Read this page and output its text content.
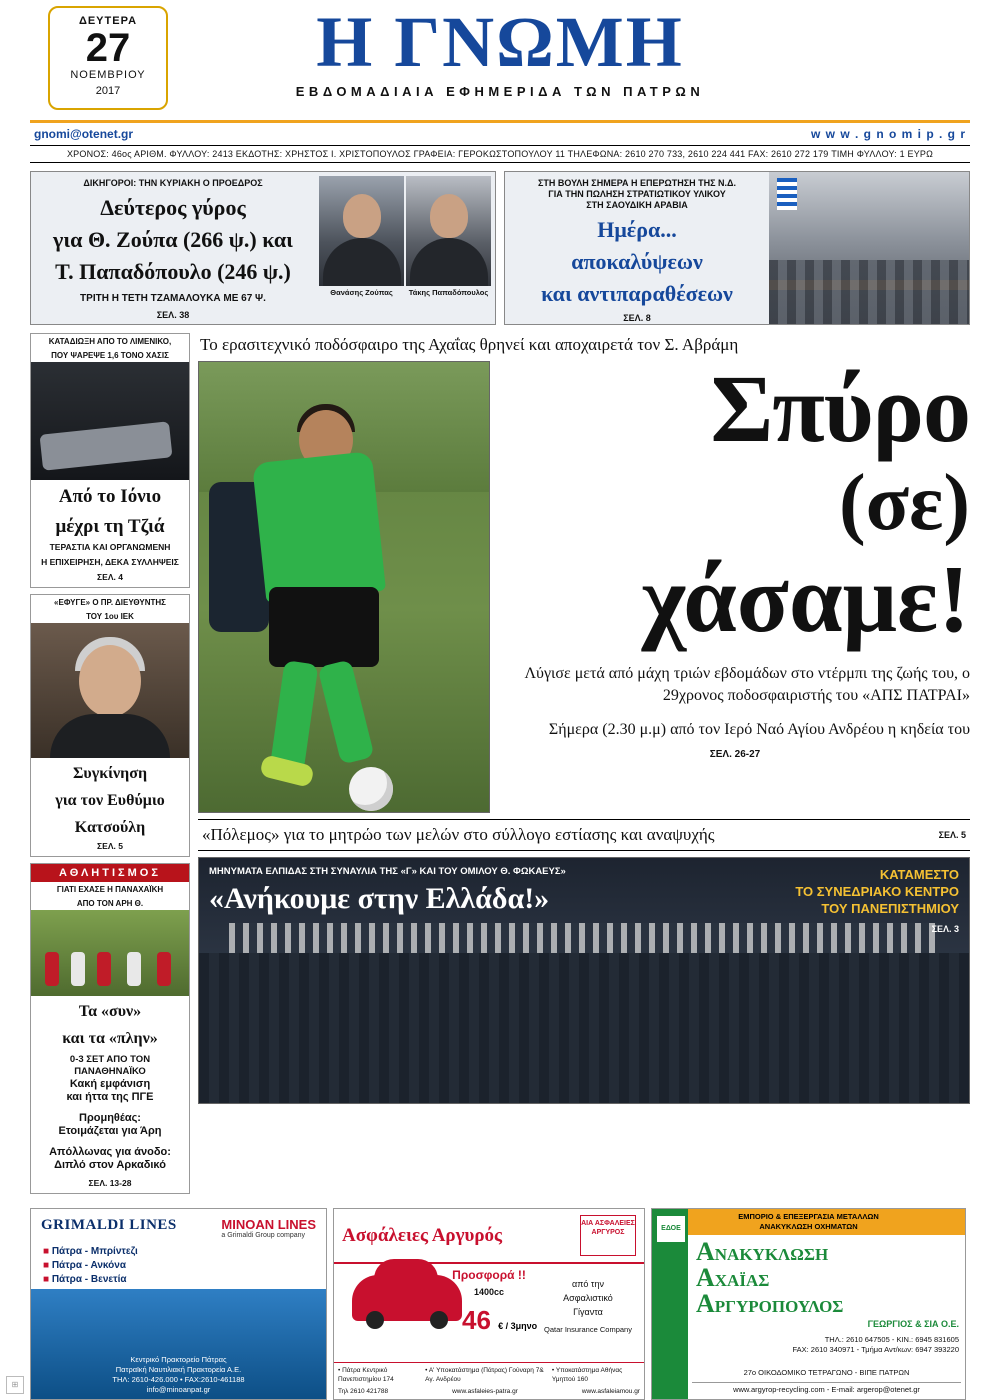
ΔΕΥΤΕΡΑ
27
ΝΟΕΜΒΡΙΟΥ
2017
Η ΓΝΩΜΗ
ΕΒΔΟΜΑΔΙΑΙΑ ΕΦΗΜΕΡΙΔΑ ΤΩΝ ΠΑΤΡΩΝ
gnomi@otenet.gr	w w w . g n o m i p . g r
ΧΡΟΝΟΣ: 46ος ΑΡΙΘΜ. ΦΥΛΛΟΥ: 2413 ΕΚΔΟΤΗΣ: ΧΡΗΣΤΟΣ Ι. ΧΡΙΣΤΟΠΟΥΛΟΣ ΓΡΑΦΕΙΑ: ΓΕΡΟΚΩΣΤΟΠΟΥΛΟΥ 11 ΤΗΛΕΦΩΝΑ: 2610 270 733, 2610 224 441 FAX: 2610 272 179 ΤΙΜΗ ΦΥΛΛΟΥ: 1 ΕΥΡΩ
ΔΙΚΗΓΟΡΟΙ: ΤΗΝ ΚΥΡΙΑΚΗ Ο ΠΡΟΕΔΡΟΣ
Δεύτερος γύρος
για Θ. Ζούπα (266 ψ.) και
Τ. Παπαδόπουλο (246 ψ.)
ΤΡΙΤΗ Η ΤΕΤΗ ΤΖΑΜΑΛΟΥΚΑ ΜΕ 67 Ψ.
ΣΕΛ. 38
Θανάσης Ζούπας	Τάκης Παπαδόπουλος
ΣΤΗ ΒΟΥΛΗ ΣΗΜΕΡΑ Η ΕΠΕΡΩΤΗΣΗ ΤΗΣ Ν.Δ.
ΓΙΑ ΤΗΝ ΠΩΛΗΣΗ ΣΤΡΑΤΙΩΤΙΚΟΥ ΥΛΙΚΟΥ
ΣΤΗ ΣΑΟΥΔΙΚΗ ΑΡΑΒΙΑ
Ημέρα...
αποκαλύψεων
και αντιπαραθέσεων
ΣΕΛ. 8
ΚΑΤΑΔΙΩΞΗ ΑΠΟ ΤΟ ΛΙΜΕΝΙΚΟ,
ΠΟΥ ΨΑΡΕΨΕ 1,6 ΤΟΝΟ ΧΑΣΙΣ
Από το Ιόνιο
μέχρι τη Τζιά
ΤΕΡΑΣΤΙΑ ΚΑΙ ΟΡΓΑΝΩΜΕΝΗ
Η ΕΠΙΧΕΙΡΗΣΗ, ΔΕΚΑ ΣΥΛΛΗΨΕΙΣ
ΣΕΛ. 4
«ΕΦΥΓΕ» Ο ΠΡ. ΔΙΕΥΘΥΝΤΗΣ
ΤΟΥ 1ου ΙΕΚ
Συγκίνηση
για τον Ευθύμιο
Κατσούλη
ΣΕΛ. 5
ΑΘΛΗΤΙΣΜΟΣ
ΓΙΑΤΙ ΕΧΑΣΕ Η ΠΑΝΑΧΑΪΚΗ
ΑΠΟ ΤΟΝ ΑΡΗ Θ.
Τα «συν»
και τα «πλην»
0-3 ΣΕΤ ΑΠΟ ΤΟΝ ΠΑΝΑΘΗΝΑΪΚΟ
Κακή εμφάνιση
και ήττα της ΠΓΕ
Προμηθέας:
Ετοιμάζεται για Άρη
Απόλλωνας για άνοδο:
Διπλό στον Αρκαδικό
ΣΕΛ. 13-28
Το ερασιτεχνικό ποδόσφαιρο της Αχαΐας θρηνεί και αποχαιρετά τον Σ. Αβράμη
Σπύρο
(σε)
χάσαμε!
Λύγισε μετά από μάχη τριών εβδομάδων στο ντέρμπι της ζωής του, ο 29χρονος ποδοσφαιριστής του «ΑΠΣ ΠΑΤΡΑΙ»
Σήμερα (2.30 μ.μ) από τον Ιερό Ναό Αγίου Ανδρέου η κηδεία του
ΣΕΛ. 26-27
«Πόλεμος» για το μητρώο των μελών στο σύλλογο εστίασης και αναψυχής	ΣΕΛ. 5
ΜΗΝΥΜΑΤΑ ΕΛΠΙΔΑΣ ΣΤΗ ΣΥΝΑΥΛΙΑ ΤΗΣ «Γ» ΚΑΙ ΤΟΥ ΟΜΙΛΟΥ Θ. ΦΩΚΑΕΥΣ»
«Ανήκουμε στην Ελλάδα!»
ΚΑΤΑΜΕΣΤΟ
ΤΟ ΣΥΝΕΔΡΙΑΚΟ ΚΕΝΤΡΟ
ΤΟΥ ΠΑΝΕΠΙΣΤΗΜΙΟΥ
ΣΕΛ. 3
GRIMALDI LINES	MINOAN LINES
a Grimaldi Group company
■ Πάτρα - Μπρίντεζι
■ Πάτρα - Ανκόνα
■ Πάτρα - Βενετία
Κεντρικό Πρακτορείο Πάτρας
Πατραϊκή Ναυτιλιακή Πρακτορεία Α.Ε.
ΤΗΛ: 2610-426.000 • FAX:2610-461188
info@minoanpat.gr
Ασφάλειες Αργυρός
ΑΙΑ ΑΣΦΑΛΕΙΕΣ ΑΡΓΥΡΟΣ
Προσφορά !!
1400cc
46 € / 3μηνο
από την
Ασφαλιστικό
Γίγαντα
Qatar Insurance Company
• Πάτρα Κεντρικό Πανεπιστημίου 174
• Α' Υποκατάστημα (Πάτρας) Γούναρη 7& Αγ. Ανδρέου
• Υποκατάστημα Αθήνας Υμηττού 160
Τηλ 2610 421788	www.asfaleies-patra.gr	www.asfaleiamou.gr
ΕΔΟΕ
ΕΜΠΟΡΙΟ & ΕΠΕΞΕΡΓΑΣΙΑ ΜΕΤΑΛΛΩΝ
ΑΝΑΚΥΚΛΩΣΗ ΟΧΗΜΑΤΩΝ
ΑΝΑΚΥΚΛΩΣΗ
ΑΧΑΪΑΣ
ΑΡΓΥΡΟΠΟΥΛΟΣ
ΓΕΩΡΓΙΟΣ & ΣΙΑ Ο.Ε.
ΤΗΛ.: 2610 647505 - ΚΙΝ.: 6945 831605
FAX: 2610 340971 - Τμήμα Αντ/κων: 6947 393220
27ο ΟΙΚΟΔΟΜΙΚΟ ΤΕΤΡΑΓΩΝΟ - ΒΙΠΕ ΠΑΤΡΩΝ
www.argyrop-recycling.com - E-mail: argerop@otenet.gr
⊞
